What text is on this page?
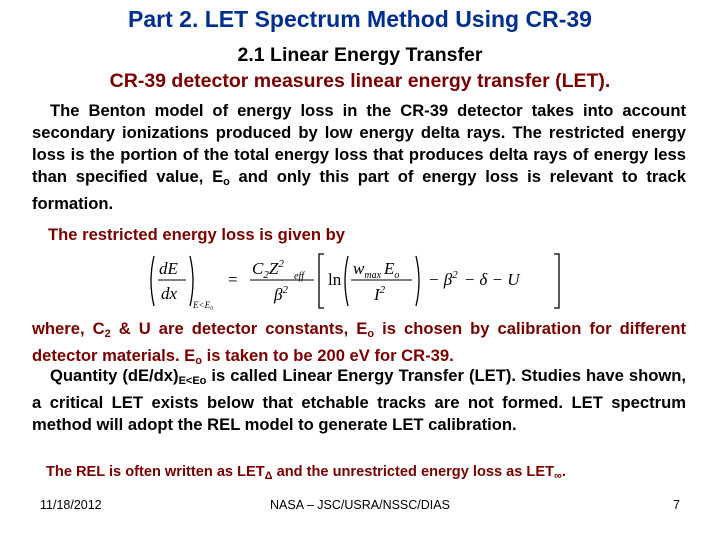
Part 2. LET Spectrum Method Using CR-39
2.1 Linear Energy Transfer
CR-39 detector measures linear energy transfer (LET).
The Benton model of energy loss in the CR-39 detector takes into account secondary ionizations produced by low energy delta rays. The restricted energy loss is the portion of the total energy loss that produces delta rays of energy less than specified value, $E_o$ and only this part of energy loss is relevant to track formation.
The restricted energy loss is given by
dE
dx
E<E₀
=
$C_2Z^2$
eff
$\beta^2$
ln
$w_{max}$ $E_o$
$I^2$
− $\beta^2 - \delta - U$
where, $C_2$ & U are detector constants, $E_o$ is chosen by calibration for different detector materials. $E_o$ is taken to be 200 eV for CR-39.
Quantity $(dE/dx)_{E<Eo}$ is called Linear Energy Transfer (LET). Studies have shown, a critical LET exists below that etchable tracks are not formed. LET spectrum method will adopt the REL model to generate LET calibration.
The REL is often written as $LET_\Delta$ and the unrestricted energy loss as $LET_\infty$.
11/18/2012	NASA – JSC/USRA/NSSC/DIAS	7
